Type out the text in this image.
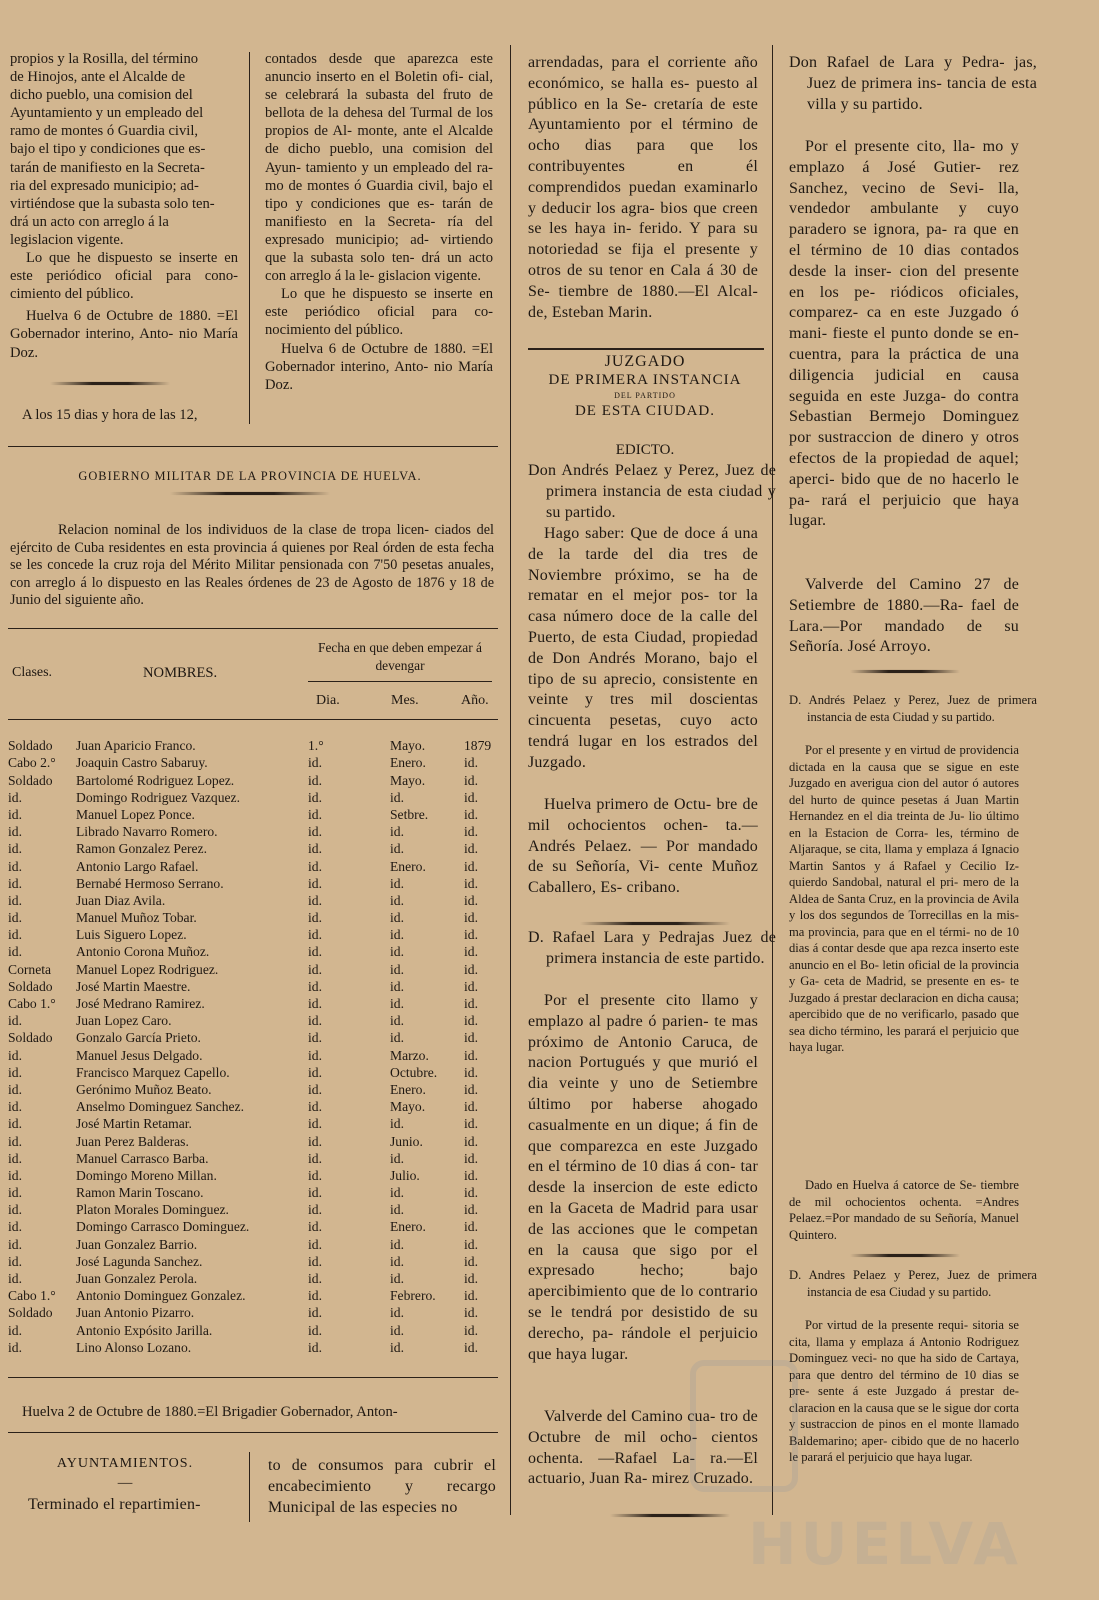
propios y la Rosilla, del término
de Hinojos, ante el Alcalde de
dicho pueblo, una comision del
Ayuntamiento y un empleado del
ramo de montes ó Guardia civil,
bajo el tipo y condiciones que es-
tarán de manifiesto en la Secreta-
ria del expresado municipio; ad-
virtiéndose que la subasta solo ten-
drá un acto con arreglo á la
legislacion vigente.

Lo que he dispuesto se inserte en este periódico oficial para cono- cimiento del público.

Huelva 6 de Octubre de 1880. =El Gobernador interino, Anto- nio María Doz.

A los 15 dias y hora de las 12,

contados desde que aparezca este anuncio inserto en el Boletin ofi- cial, se celebrará la subasta del fruto de bellota de la dehesa del Turmal de los propios de Al- monte, ante el Alcalde de dicho pueblo, una comision del Ayun- tamiento y un empleado del ra- mo de montes ó Guardia civil, bajo el tipo y condiciones que es- tarán de manifiesto en la Secreta- ría del expresado municipio; ad- virtiendo que la subasta solo ten- drá un acto con arreglo á la le- gislacion vigente.

Lo que he dispuesto se inserte en este periódico oficial para co- nocimiento del público.

Huelva 6 de Octubre de 1880. =El Gobernador interino, Anto- nio María Doz.

GOBIERNO MILITAR DE LA PROVINCIA DE HUELVA.
Relacion nominal de los individuos de la clase de tropa licen- ciados del ejército de Cuba residentes en esta provincia á quienes por Real órden de esta fecha se les concede la cruz roja del Mérito Militar pensionada con 7'50 pesetas anuales, con arreglo á lo dispuesto en las Reales órdenes de 23 de Agosto de 1876 y 18 de Junio del siguiente año.
Clases.	NOMBRES.
Fecha en que deben empezar á devengar
Dia.	Mes.	Año.
Soldado	Juan Aparicio Franco.	1.°	Mayo.	1879
Cabo 2.°	Joaquin Castro Sabaruy.	id.	Enero.	id.
Soldado	Bartolomé Rodriguez Lopez.	id.	Mayo.	id.
id.	Domingo Rodriguez Vazquez.	id.	id.	id.
id.	Manuel Lopez Ponce.	id.	Setbre.	id.
id.	Librado Navarro Romero.	id.	id.	id.
id.	Ramon Gonzalez Perez.	id.	id.	id.
id.	Antonio Largo Rafael.	id.	Enero.	id.
id.	Bernabé Hermoso Serrano.	id.	id.	id.
id.	Juan Diaz Avila.	id.	id.	id.
id.	Manuel Muñoz Tobar.	id.	id.	id.
id.	Luis Siguero Lopez.	id.	id.	id.
id.	Antonio Corona Muñoz.	id.	id.	id.
Corneta	Manuel Lopez Rodriguez.	id.	id.	id.
Soldado	José Martin Maestre.	id.	id.	id.
Cabo 1.°	José Medrano Ramirez.	id.	id.	id.
id.	Juan Lopez Caro.	id.	id.	id.
Soldado	Gonzalo García Prieto.	id.	id.	id.
id.	Manuel Jesus Delgado.	id.	Marzo.	id.
id.	Francisco Marquez Capello.	id.	Octubre.	id.
id.	Gerónimo Muñoz Beato.	id.	Enero.	id.
id.	Anselmo Dominguez Sanchez.	id.	Mayo.	id.
id.	José Martin Retamar.	id.	id.	id.
id.	Juan Perez Balderas.	id.	Junio.	id.
id.	Manuel Carrasco Barba.	id.	id.	id.
id.	Domingo Moreno Millan.	id.	Julio.	id.
id.	Ramon Marin Toscano.	id.	id.	id.
id.	Platon Morales Dominguez.	id.	id.	id.
id.	Domingo Carrasco Dominguez.	id.	Enero.	id.
id.	Juan Gonzalez Barrio.	id.	id.	id.
id.	José Lagunda Sanchez.	id.	id.	id.
id.	Juan Gonzalez Perola.	id.	id.	id.
Cabo 1.°	Antonio Dominguez Gonzalez.	id.	Febrero.	id.
Soldado	Juan Antonio Pizarro.	id.	id.	id.
id.	Antonio Expósito Jarilla.	id.	id.	id.
id.	Lino Alonso Lozano.	id.	id.	id.
Huelva 2 de Octubre de 1880.=El Brigadier Gobernador, Anton-
AYUNTAMIENTOS.
—
Terminado el repartimien-
to de consumos para cubrir el encabecimiento y recargo Municipal de las especies no

arrendadas, para el corriente año económico, se halla es- puesto al público en la Se- cretaría de este Ayuntamiento por el término de ocho dias para que los contribuyentes en él comprendidos puedan examinarlo y deducir los agra- bios que creen se les haya in- ferido. Y para su notoriedad se fija el presente y otros de su tenor en Cala á 30 de Se- tiembre de 1880.—El Alcal- de, Esteban Marin.

JUZGADO

DE PRIMERA INSTANCIA

DEL PARTIDO

DE ESTA CIUDAD.

EDICTO.
Don Andrés Pelaez y Perez, Juez de primera instancia de esta ciudad y su partido.
Hago saber: Que de doce á una de la tarde del dia tres de Noviembre próximo, se ha de rematar en el mejor pos- tor la casa número doce de la calle del Puerto, de esta Ciudad, propiedad de Don Andrés Morano, bajo el tipo de su aprecio, consistente en veinte y tres mil doscientas cincuenta pesetas, cuyo acto tendrá lugar en los estrados del Juzgado.
Huelva primero de Octu- bre de mil ochocientos ochen- ta.— Andrés Pelaez. — Por mandado de su Señoría, Vi- cente Muñoz Caballero, Es- cribano.
D. Rafael Lara y Pedrajas Juez de primera instancia de este partido.
Por el presente cito llamo y emplazo al padre ó parien- te mas próximo de Antonio Caruca, de nacion Portugués y que murió el dia veinte y uno de Setiembre último por haberse ahogado casualmente en un dique; á fin de que comparezca en este Juzgado en el término de 10 dias á con- tar desde la insercion de este edicto en la Gaceta de Madrid para usar de las acciones que le competan en la causa que sigo por el expresado hecho; bajo apercibimiento que de lo contrario se le tendrá por desistido de su derecho, pa- rándole el perjuicio que haya lugar.
Valverde del Camino cua- tro de Octubre de mil ocho- cientos ochenta. —Rafael La- ra.—El actuario, Juan Ra- mirez Cruzado.
Don Rafael de Lara y Pedra- jas, Juez de primera ins- tancia de esta villa y su partido.
Por el presente cito, lla- mo y emplazo á José Gutier- rez Sanchez, vecino de Sevi- lla, vendedor ambulante y cuyo paradero se ignora, pa- ra que en el término de 10 dias contados desde la inser- cion del presente en los pe- riódicos oficiales, comparez- ca en este Juzgado ó mani- fieste el punto donde se en- cuentra, para la práctica de una diligencia judicial en causa seguida en este Juzga- do contra Sebastian Bermejo Dominguez por sustraccion de dinero y otros efectos de la propiedad de aquel; aperci- bido que de no hacerlo le pa- rará el perjuicio que haya lugar.
Valverde del Camino 27 de Setiembre de 1880.—Ra- fael de Lara.—Por mandado de su Señoría. José Arroyo.
D. Andrés Pelaez y Perez, Juez de primera instancia de esta Ciudad y su partido.
Por el presente y en virtud de providencia dictada en la causa que se sigue en este Juzgado en averigua cion del autor ó autores del hurto de quince pesetas á Juan Martin Hernandez en el dia treinta de Ju- lio último en la Estacion de Corra- les, término de Aljaraque, se cita, llama y emplaza á Ignacio Martin Santos y á Rafael y Cecilio Iz- quierdo Sandobal, natural el pri- mero de la Aldea de Santa Cruz, en la provincia de Avila y los dos segundos de Torrecillas en la mis- ma provincia, para que en el térmi- no de 10 dias á contar desde que apa rezca inserto este anuncio en el Bo- letin oficial de la provincia y Ga- ceta de Madrid, se presente en es- te Juzgado á prestar declaracion en dicha causa; apercibido que de no verificarlo, pasado que sea dicho término, les parará el perjuicio que haya lugar.
Dado en Huelva á catorce de Se- tiembre de mil ochocientos ochenta. =Andres Pelaez.=Por mandado de su Señoría, Manuel Quintero.
D. Andres Pelaez y Perez, Juez de primera instancia de esa Ciudad y su partido.
Por virtud de la presente requi- sitoria se cita, llama y emplaza á Antonio Rodriguez Dominguez veci- no que ha sido de Cartaya, para que dentro del término de 10 dias se pre- sente á este Juzgado á prestar de- claracion en la causa que se le sigue dor corta y sustraccion de pinos en el monte llamado Baldemarino; aper- cibido que de no hacerlo le parará el perjuicio que haya lugar.
HUELVA
